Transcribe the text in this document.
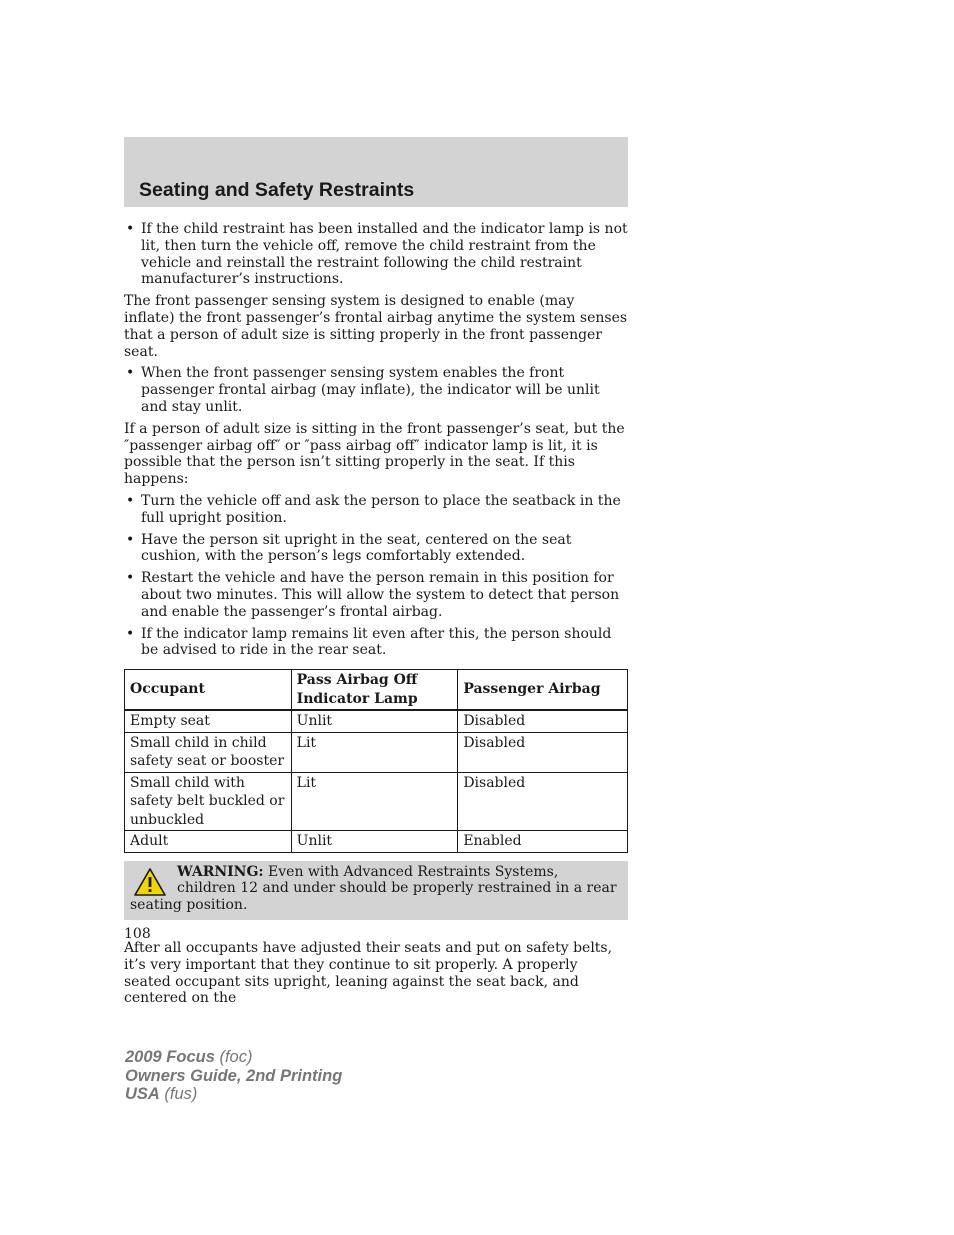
Seating and Safety Restraints
• If the child restraint has been installed and the indicator lamp is not lit, then turn the vehicle off, remove the child restraint from the vehicle and reinstall the restraint following the child restraint manufacturer’s instructions.

The front passenger sensing system is designed to enable (may inflate) the front passenger’s frontal airbag anytime the system senses that a person of adult size is sitting properly in the front passenger seat.

• When the front passenger sensing system enables the front passenger frontal airbag (may inflate), the indicator will be unlit and stay unlit.

If a person of adult size is sitting in the front passenger’s seat, but the ″passenger airbag off″ or ″pass airbag off″ indicator lamp is lit, it is possible that the person isn’t sitting properly in the seat. If this happens:

• Turn the vehicle off and ask the person to place the seatback in the full upright position.
• Have the person sit upright in the seat, centered on the seat cushion, with the person’s legs comfortably extended.
• Restart the vehicle and have the person remain in this position for about two minutes. This will allow the system to detect that person and enable the passenger’s frontal airbag.
• If the indicator lamp remains lit even after this, the person should be advised to ride in the rear seat.
Occupant	Pass Airbag Off Indicator Lamp	Passenger Airbag
Empty seat	Unlit	Disabled
Small child in child safety seat or booster	Lit	Disabled
Small child with safety belt buckled or unbuckled	Lit	Disabled
Adult	Unlit	Enabled
WARNING: Even with Advanced Restraints Systems, children 12 and under should be properly restrained in a rear seating position.

After all occupants have adjusted their seats and put on safety belts, it’s very important that they continue to sit properly. A properly seated occupant sits upright, leaning against the seat back, and centered on the

108
2009 Focus (foc)
Owners Guide, 2nd Printing
USA (fus)
